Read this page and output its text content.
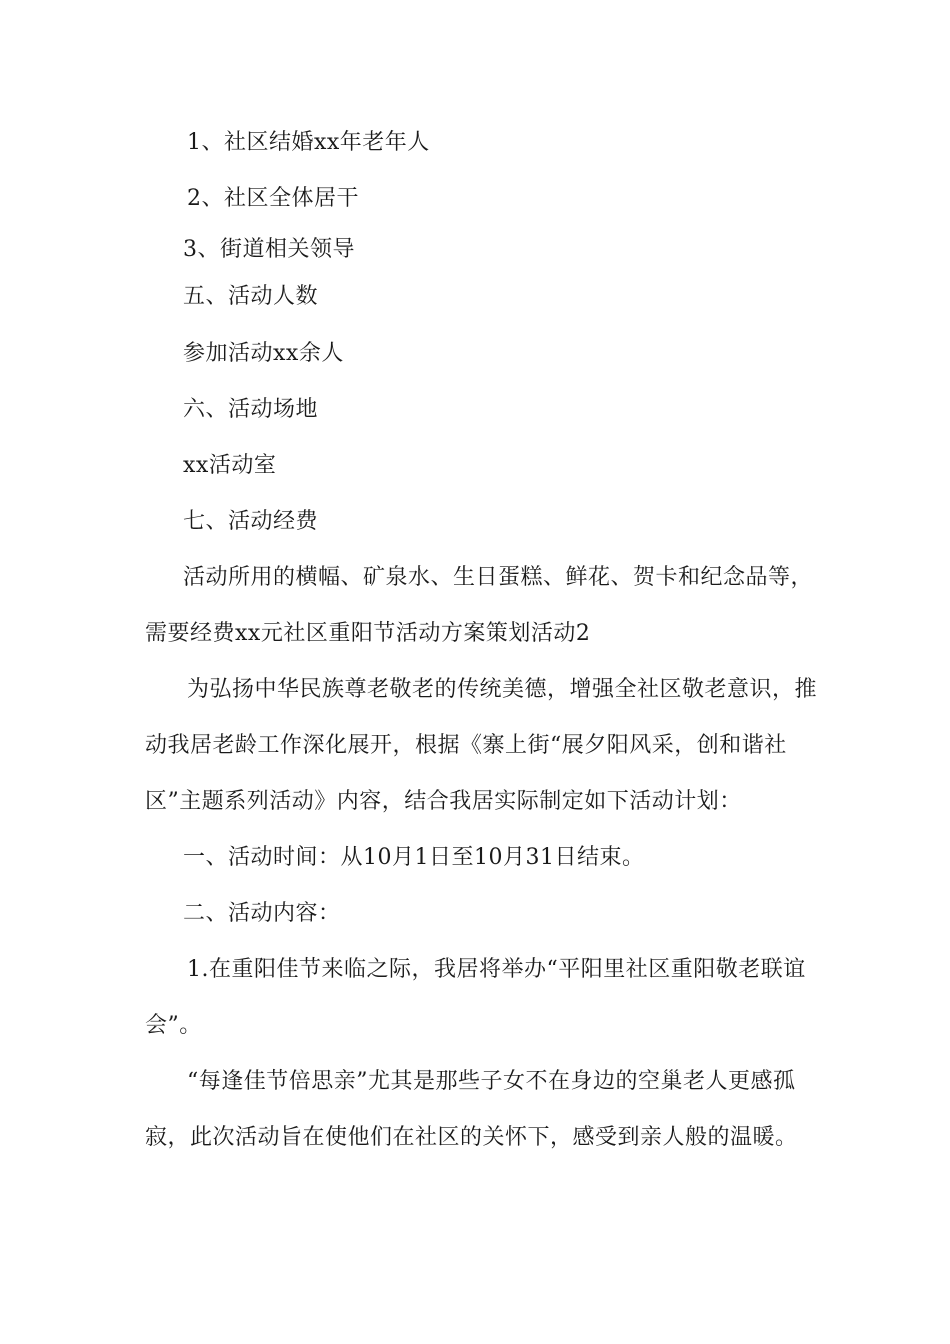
1、社区结婚xx年老年人
2、社区全体居干
3、街道相关领导
五、活动人数
参加活动xx余人
六、活动场地
xx活动室
七、活动经费
活动所用的横幅、矿泉水、生日蛋糕、鲜花、贺卡和纪念品等，
需要经费xx元社区重阳节活动方案策划活动2
为弘扬中华民族尊老敬老的传统美德，增强全社区敬老意识，推
动我居老龄工作深化展开，根据《寨上街“展夕阳风采，创和谐社
区”主题系列活动》内容，结合我居实际制定如下活动计划：
一、活动时间：从10月1日至10月31日结束。
二、活动内容：
1.在重阳佳节来临之际，我居将举办“平阳里社区重阳敬老联谊
会”。
“每逢佳节倍思亲”尤其是那些子女不在身边的空巢老人更感孤
寂，此次活动旨在使他们在社区的关怀下，感受到亲人般的温暖。
